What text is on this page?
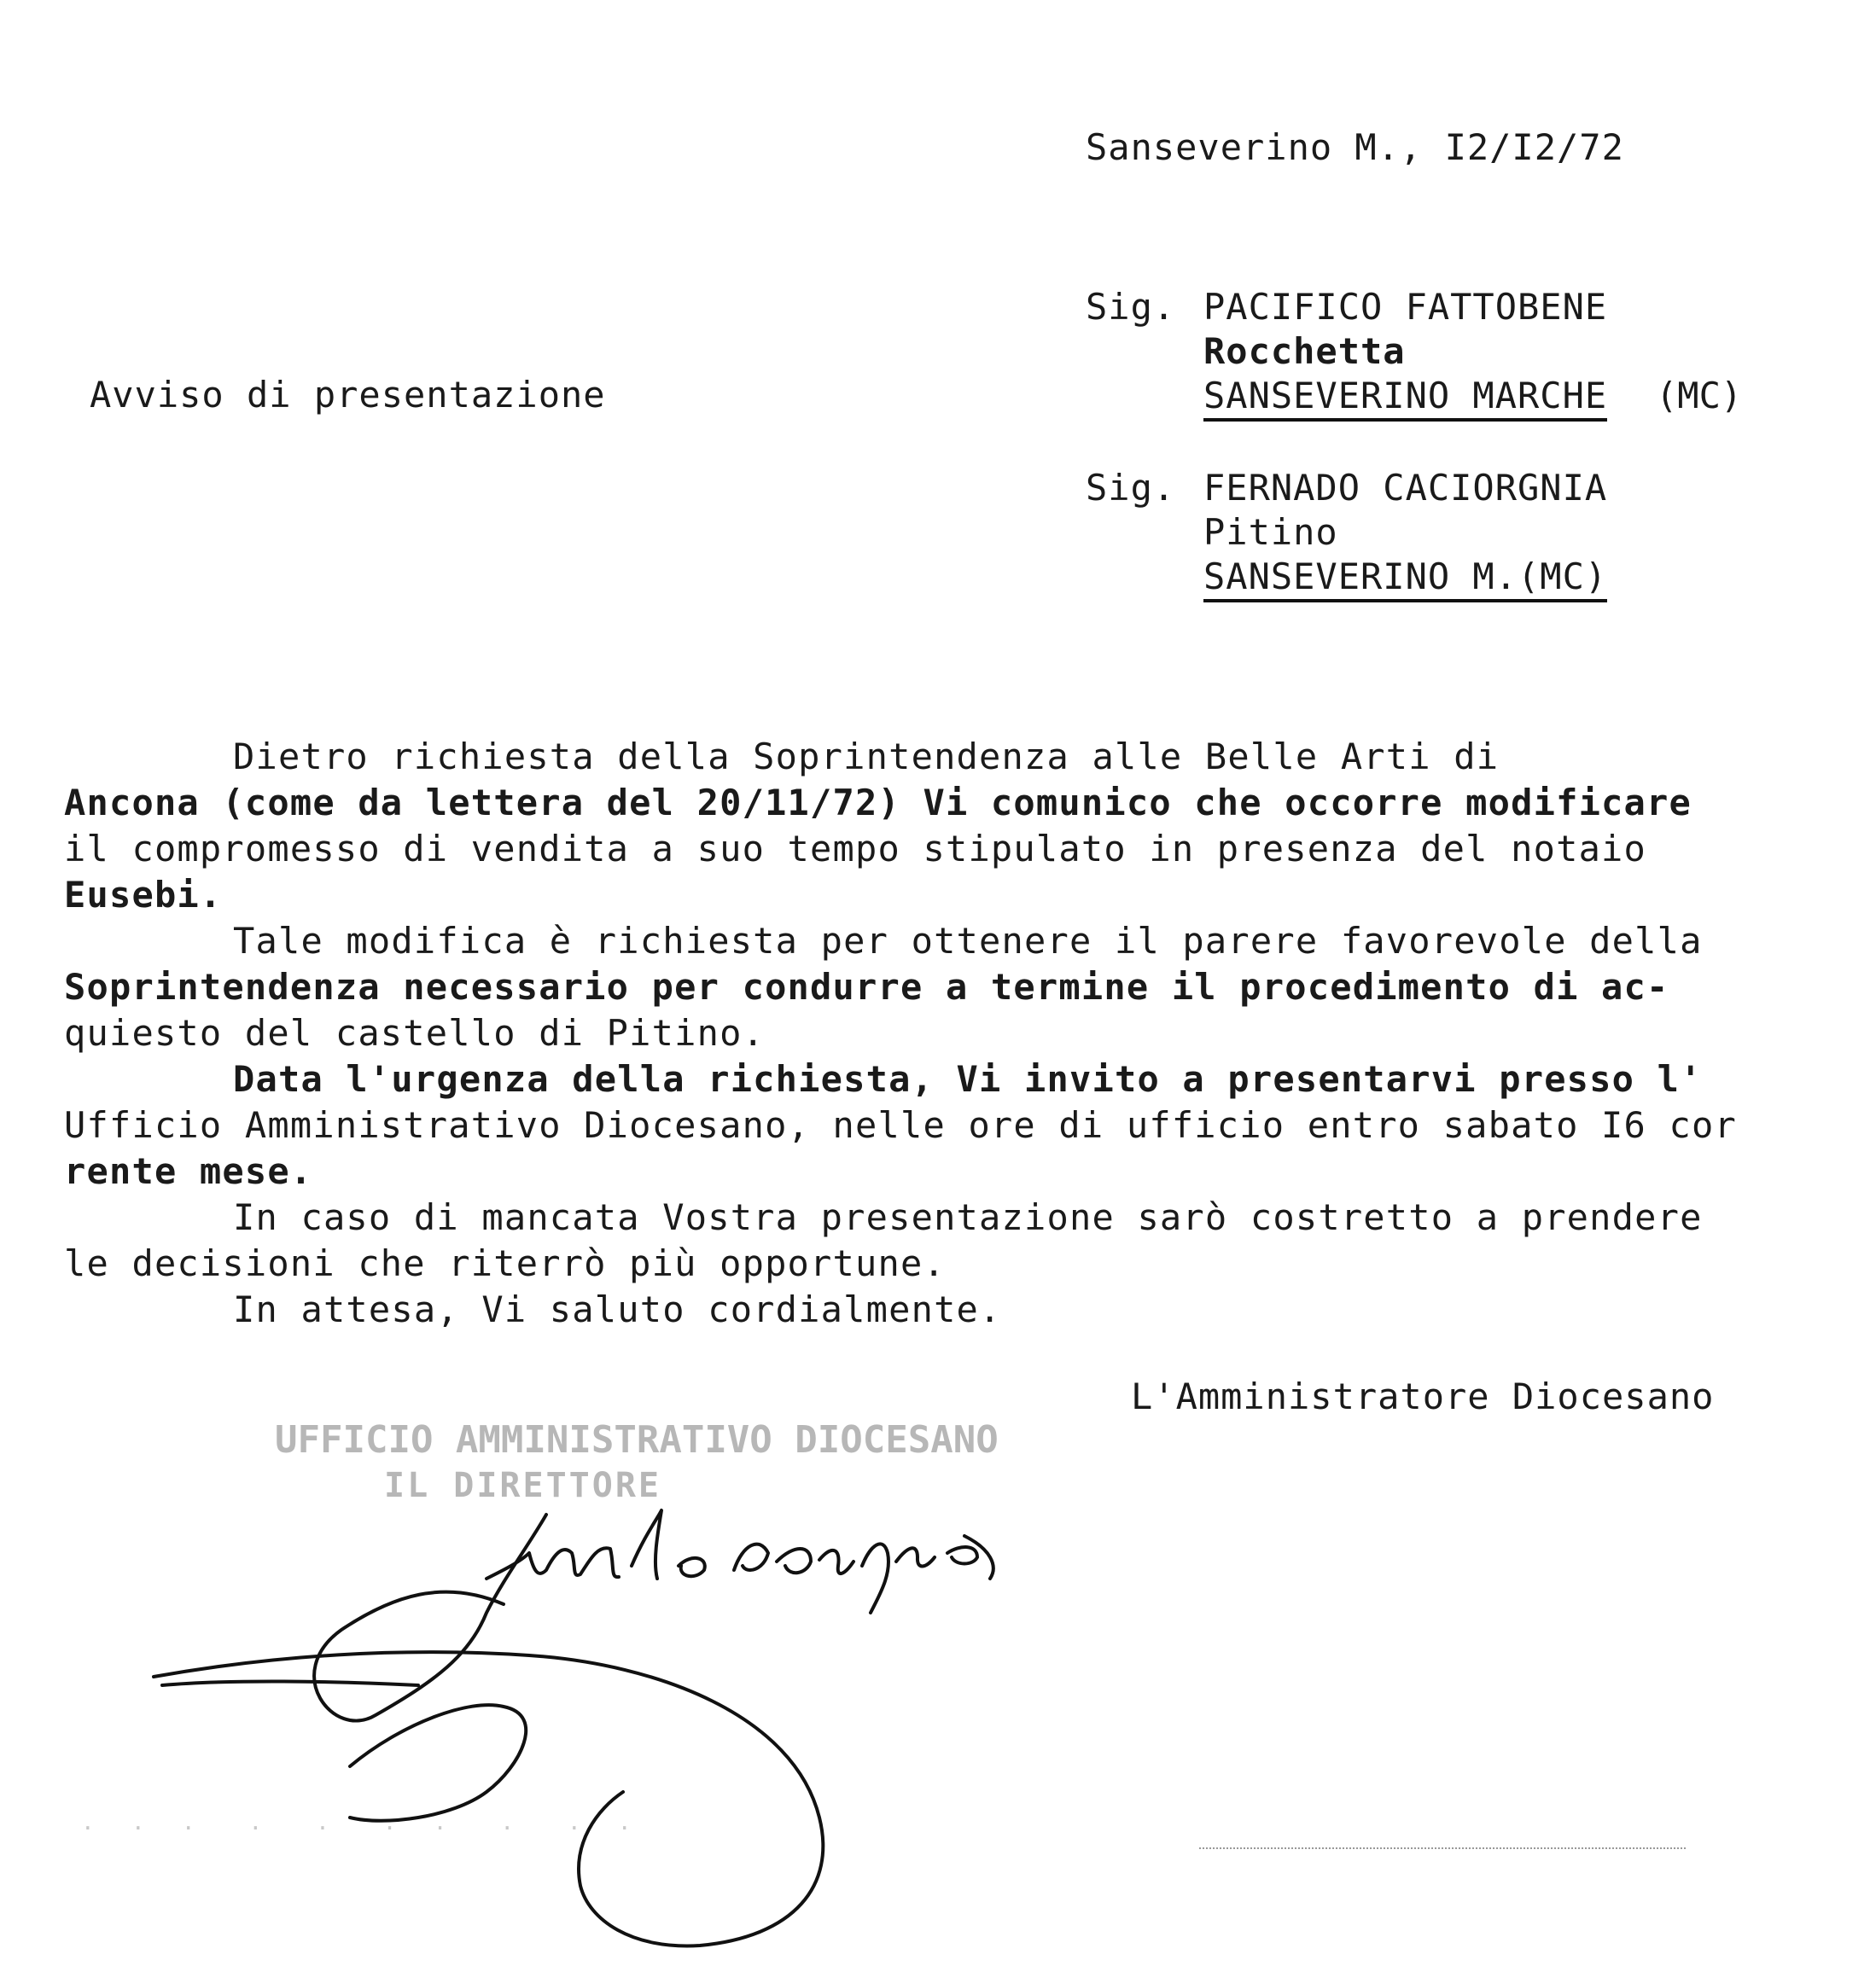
Sanseverino M., I2/I2/72
Avviso di presentazione
Sig. PACIFICO FATTOBENE
Rocchetta
SANSEVERINO MARCHE (MC)
Sig. FERNADO CACIORGNIA
Pitino
SANSEVERINO M.(MC)
Dietro richiesta della Soprintendenza alle Belle Arti di
Ancona (come da lettera del 20/11/72) Vi comunico che occorre modificare
il compromesso di vendita a suo tempo stipulato in presenza del notaio
Eusebi.
Tale modifica è richiesta per ottenere il parere favorevole della
Soprintendenza necessario per condurre a termine il procedimento di ac-
quiesto del castello di Pitino.
Data l'urgenza della richiesta, Vi invito a presentarvi presso l'
Ufficio Amministrativo Diocesano, nelle ore di ufficio entro sabato I6 cor
rente mese.
In caso di mancata Vostra presentazione sarò costretto a prendere
le decisioni che riterrò più opportune.
In attesa, Vi saluto cordialmente.
L'Amministratore Diocesano
UFFICIO AMMINISTRATIVO DIOCESANO
IL DIRETTORE
·  ·  ·   ·   ·   ·  ·   ·   ·  ·
